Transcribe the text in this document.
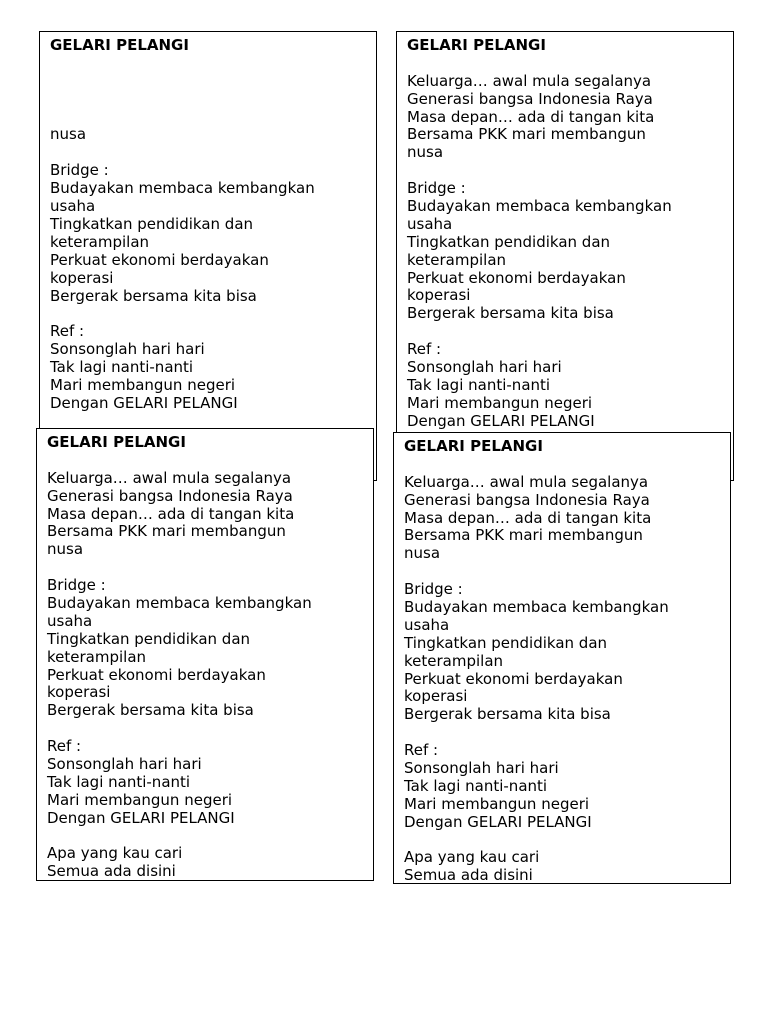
GELARI PELANGI
nusa
Bridge :
Budayakan membaca kembangkan
usaha
Tingkatkan pendidikan dan
keterampilan
Perkuat ekonomi berdayakan
koperasi
Bergerak bersama kita bisa
Ref :
Sonsonglah hari hari
Tak lagi nanti-nanti
Mari membangun negeri
Dengan GELARI PELANGI
GELARI PELANGI
Keluarga… awal mula segalanya
Generasi bangsa Indonesia Raya
Masa depan… ada di tangan kita
Bersama PKK mari membangun
nusa
Bridge :
Budayakan membaca kembangkan
usaha
Tingkatkan pendidikan dan
keterampilan
Perkuat ekonomi berdayakan
koperasi
Bergerak bersama kita bisa
Ref :
Sonsonglah hari hari
Tak lagi nanti-nanti
Mari membangun negeri
Dengan GELARI PELANGI
GELARI PELANGI
Keluarga… awal mula segalanya
Generasi bangsa Indonesia Raya
Masa depan… ada di tangan kita
Bersama PKK mari membangun
nusa
Bridge :
Budayakan membaca kembangkan
usaha
Tingkatkan pendidikan dan
keterampilan
Perkuat ekonomi berdayakan
koperasi
Bergerak bersama kita bisa
Ref :
Sonsonglah hari hari
Tak lagi nanti-nanti
Mari membangun negeri
Dengan GELARI PELANGI
Apa yang kau cari
Semua ada disini
GELARI PELANGI
Keluarga… awal mula segalanya
Generasi bangsa Indonesia Raya
Masa depan… ada di tangan kita
Bersama PKK mari membangun
nusa
Bridge :
Budayakan membaca kembangkan
usaha
Tingkatkan pendidikan dan
keterampilan
Perkuat ekonomi berdayakan
koperasi
Bergerak bersama kita bisa
Ref :
Sonsonglah hari hari
Tak lagi nanti-nanti
Mari membangun negeri
Dengan GELARI PELANGI
Apa yang kau cari
Semua ada disini
